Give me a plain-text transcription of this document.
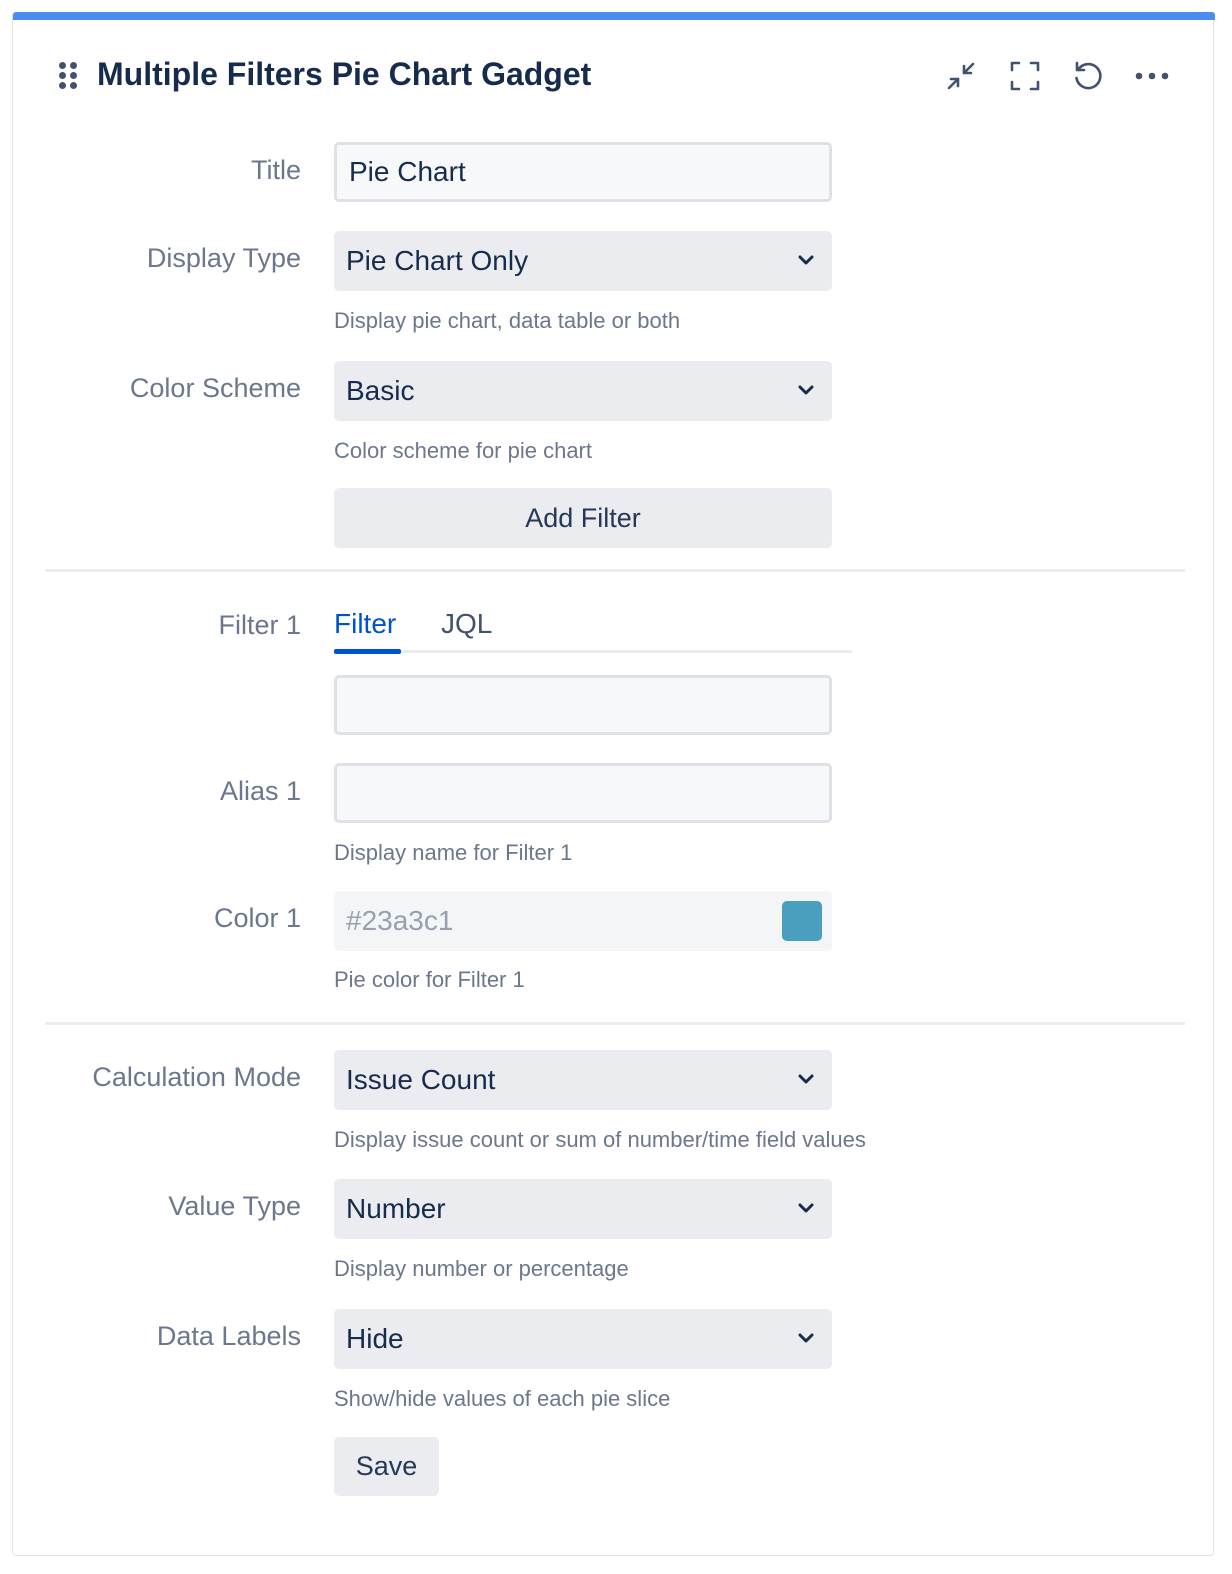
Multiple Filters Pie Chart Gadget
Title Pie Chart
Display Type Pie Chart Only
Display pie chart, data table or both
Color Scheme Basic
Color scheme for pie chart
Add Filter
Filter 1 Filter JQL
Alias 1
Display name for Filter 1
Color 1 #23a3c1
Pie color for Filter 1
Calculation Mode Issue Count
Display issue count or sum of number/time field values
Value Type Number
Display number or percentage
Data Labels Hide
Show/hide values of each pie slice
Save
